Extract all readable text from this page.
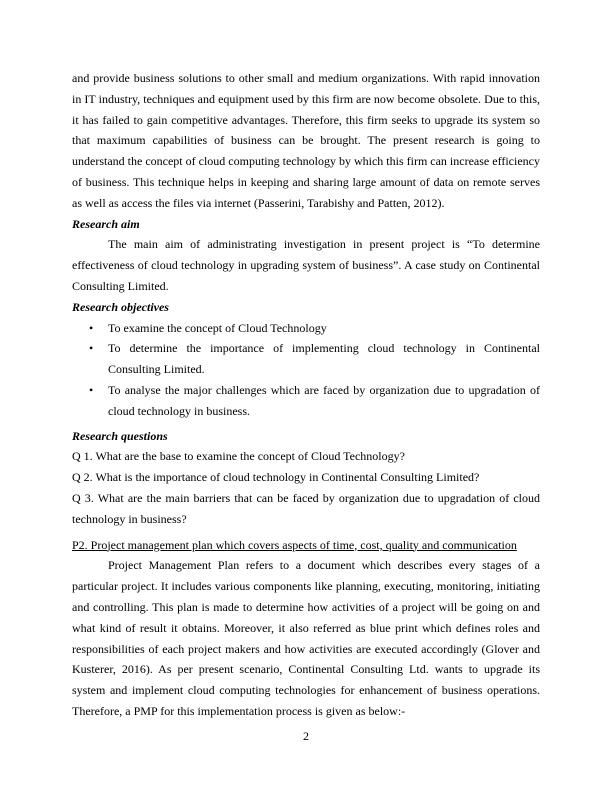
and provide business solutions to other small and medium organizations. With rapid innovation in IT industry, techniques and equipment used by this firm are now become obsolete. Due to this, it has failed to gain competitive advantages. Therefore, this firm seeks to upgrade its system so that maximum capabilities of business can be brought. The present research is going to understand the concept of cloud computing technology by which this firm can increase efficiency of business. This technique helps in keeping and sharing large amount of data on remote serves as well as access the files via internet (Passerini, Tarabishy and Patten, 2012).

Research aim

The main aim of administrating investigation in present project is “To determine effectiveness of cloud technology in upgrading system of business”. A case study on Continental Consulting Limited.

Research objectives

• To examine the concept of Cloud Technology
• To determine the importance of implementing cloud technology in Continental Consulting Limited.
• To analyse the major challenges which are faced by organization due to upgradation of cloud technology in business.

Research questions

Q 1. What are the base to examine the concept of Cloud Technology?

Q 2. What is the importance of cloud technology in Continental Consulting Limited?

Q 3. What are the main barriers that can be faced by organization due to upgradation of cloud technology in business?

P2. Project management plan which covers aspects of time, cost, quality and communication

Project Management Plan refers to a document which describes every stages of a particular project. It includes various components like planning, executing, monitoring, initiating and controlling. This plan is made to determine how activities of a project will be going on and what kind of result it obtains. Moreover, it also referred as blue print which defines roles and responsibilities of each project makers and how activities are executed accordingly (Glover and Kusterer, 2016). As per present scenario, Continental Consulting Ltd. wants to upgrade its system and implement cloud computing technologies for enhancement of business operations. Therefore, a PMP for this implementation process is given as below:-

2
